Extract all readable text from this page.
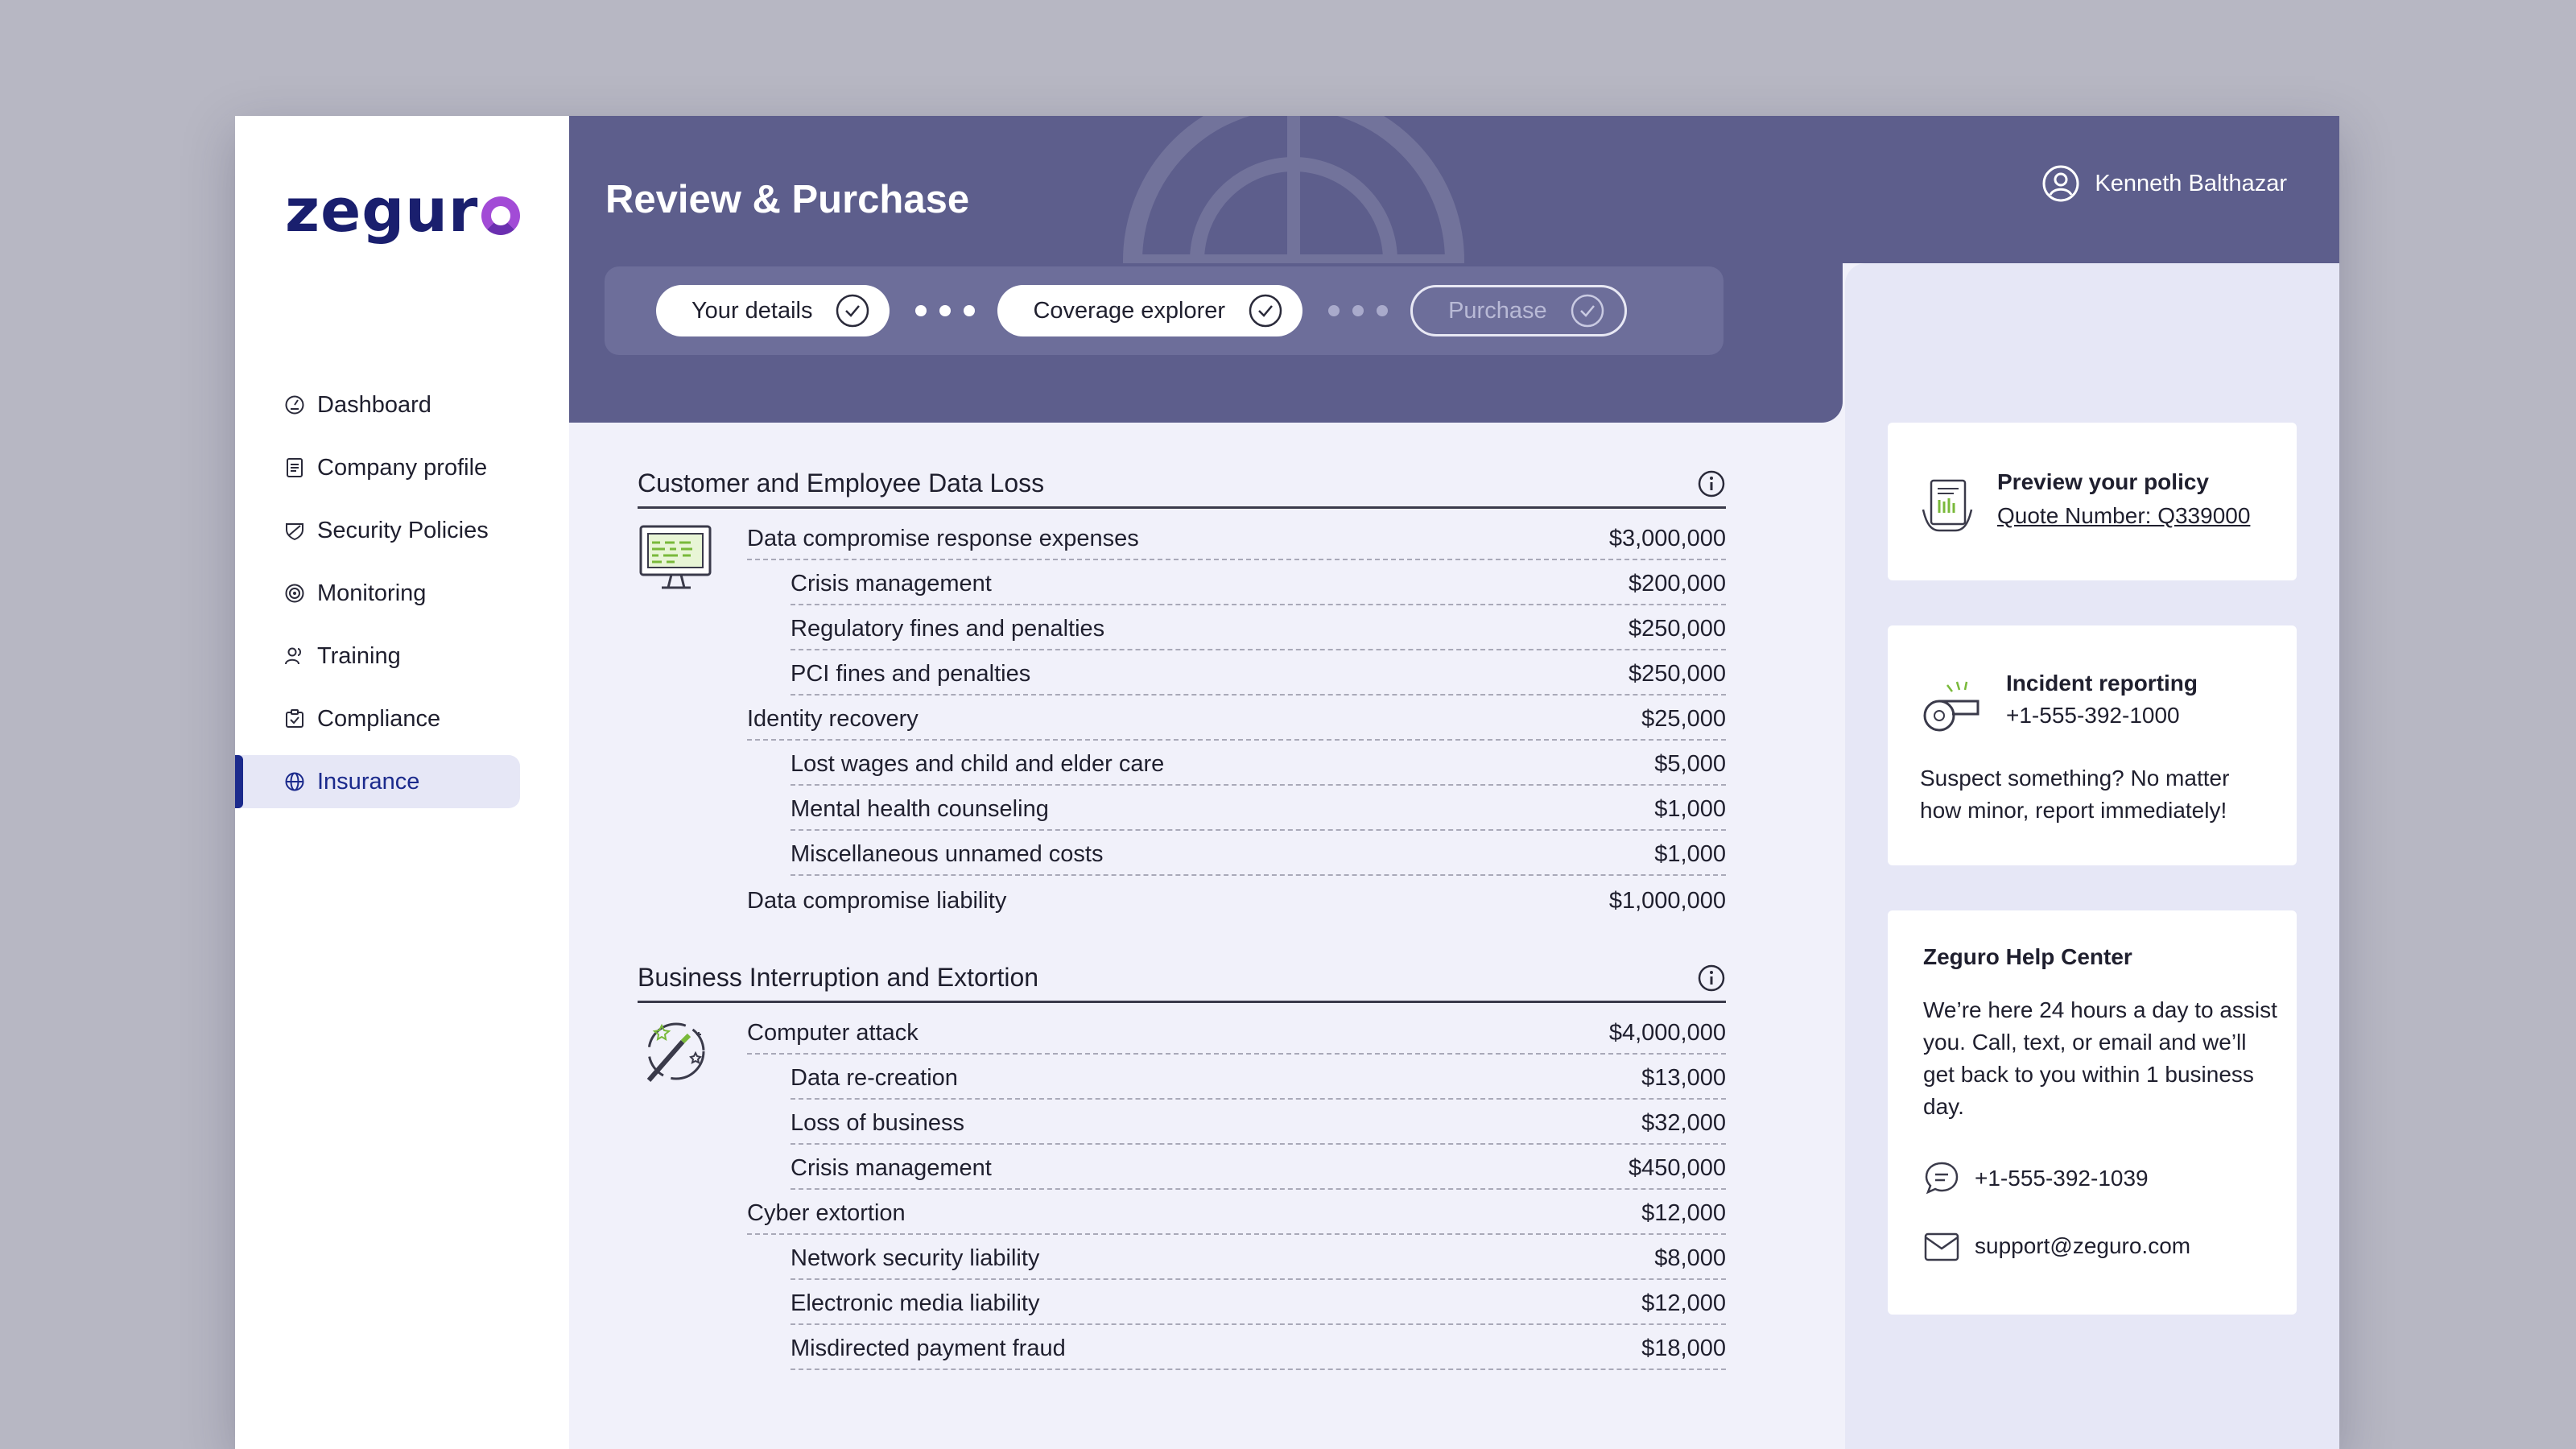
zegur
Dashboard
Company profile
Security Policies
Monitoring
Training
Compliance
Insurance
Review & Purchase	Kenneth Balthazar
Your details	Coverage explorer	Purchase
Customer and Employee Data Loss
Data compromise response expenses	$3,000,000
Crisis management	$200,000
Regulatory fines and penalties	$250,000
PCI fines and penalties	$250,000
Identity recovery	$25,000
Lost wages and child and elder care	$5,000
Mental health counseling	$1,000
Miscellaneous unnamed costs	$1,000
Data compromise liability	$1,000,000
Business Interruption and Extortion
Computer attack	$4,000,000
Data re-creation	$13,000
Loss of business	$32,000
Crisis management	$450,000
Cyber extortion	$12,000
Network security liability	$8,000
Electronic media liability	$12,000
Misdirected payment fraud	$18,000
Preview your policy
Quote Number: Q339000
Incident reporting
+1-555-392-1000
Suspect something? No matter how minor, report immediately!
Zeguro Help Center
We’re here 24 hours a day to assist you. Call, text, or email and we’ll get back to you within 1 business day.
+1-555-392-1039
support@zeguro.com
